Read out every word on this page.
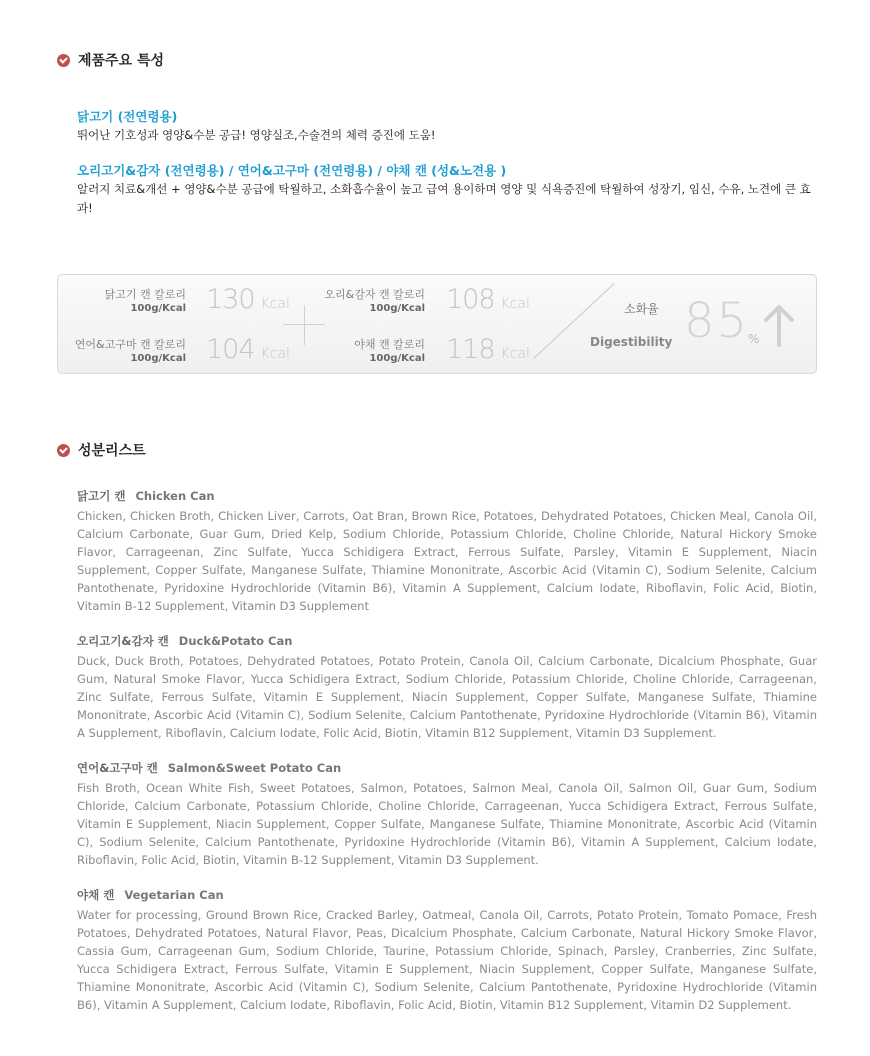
제품주요 특성
닭고기 (전연령용)
뛰어난 기호성과 영양&수분 공급! 영양실조,수술견의 체력 증진에 도움!
오리고기&감자 (전연령용) / 연어&고구마 (전연령용) / 야채 캔 (성&노견용 )
알러지 치료&개선 + 영양&수분 공급에 탁월하고, 소화흡수율이 높고 급여 용이하며 영양 및 식욕증진에 탁월하여 성장기, 임신, 수유, 노견에 큰 효과!
닭고기 캔 칼로리
100g/Kcal 130 Kcal
오리&감자 캔 칼로리
100g/Kcal 108 Kcal
연어&고구마 캔 칼로리
100g/Kcal 104 Kcal
야채 캔 칼로리
100g/Kcal 118 Kcal
소화율
Digestibility 85
%
성분리스트
닭고기 캔 Chicken Can
Chicken, Chicken Broth, Chicken Liver, Carrots, Oat Bran, Brown Rice, Potatoes, Dehydrated Potatoes, Chicken Meal, Canola Oil, Calcium Carbonate, Guar Gum, Dried Kelp, Sodium Chloride, Potassium Chloride, Choline Chloride, Natural Hickory Smoke Flavor, Carrageenan, Zinc Sulfate, Yucca Schidigera Extract, Ferrous Sulfate, Parsley, Vitamin E Supplement, Niacin Supplement, Copper Sulfate, Manganese Sulfate, Thiamine Mononitrate, Ascorbic Acid (Vitamin C), Sodium Selenite, Calcium Pantothenate, Pyridoxine Hydrochloride (Vitamin B6), Vitamin A Supplement, Calcium Iodate, Riboflavin, Folic Acid, Biotin, Vitamin B-12 Supplement, Vitamin D3 Supplement
오리고기&감자 캔 Duck&Potato Can
Duck, Duck Broth, Potatoes, Dehydrated Potatoes, Potato Protein, Canola Oil, Calcium Carbonate, Dicalcium Phosphate, Guar Gum, Natural Smoke Flavor, Yucca Schidigera Extract, Sodium Chloride, Potassium Chloride, Choline Chloride, Carrageenan, Zinc Sulfate, Ferrous Sulfate, Vitamin E Supplement, Niacin Supplement, Copper Sulfate, Manganese Sulfate, Thiamine Mononitrate, Ascorbic Acid (Vitamin C), Sodium Selenite, Calcium Pantothenate, Pyridoxine Hydrochloride (Vitamin B6), Vitamin A Supplement, Riboflavin, Calcium Iodate, Folic Acid, Biotin, Vitamin B12 Supplement, Vitamin D3 Supplement.
연어&고구마 캔 Salmon&Sweet Potato Can
Fish Broth, Ocean White Fish, Sweet Potatoes, Salmon, Potatoes, Salmon Meal, Canola Oil, Salmon Oil, Guar Gum, Sodium Chloride, Calcium Carbonate, Potassium Chloride, Choline Chloride, Carrageenan, Yucca Schidigera Extract, Ferrous Sulfate, Vitamin E Supplement, Niacin Supplement, Copper Sulfate, Manganese Sulfate, Thiamine Mononitrate, Ascorbic Acid (Vitamin C), Sodium Selenite, Calcium Pantothenate, Pyridoxine Hydrochloride (Vitamin B6), Vitamin A Supplement, Calcium Iodate, Riboflavin, Folic Acid, Biotin, Vitamin B-12 Supplement, Vitamin D3 Supplement.
야채 캔 Vegetarian Can
Water for processing, Ground Brown Rice, Cracked Barley, Oatmeal, Canola Oil, Carrots, Potato Protein, Tomato Pomace, Fresh Potatoes, Dehydrated Potatoes, Natural Flavor, Peas, Dicalcium Phosphate, Calcium Carbonate, Natural Hickory Smoke Flavor, Cassia Gum, Carrageenan Gum, Sodium Chloride, Taurine, Potassium Chloride, Spinach, Parsley, Cranberries, Zinc Sulfate, Yucca Schidigera Extract, Ferrous Sulfate, Vitamin E Supplement, Niacin Supplement, Copper Sulfate, Manganese Sulfate, Thiamine Mononitrate, Ascorbic Acid (Vitamin C), Sodium Selenite, Calcium Pantothenate, Pyridoxine Hydrochloride (Vitamin B6), Vitamin A Supplement, Calcium Iodate, Riboflavin, Folic Acid, Biotin, Vitamin B12 Supplement, Vitamin D2 Supplement.
